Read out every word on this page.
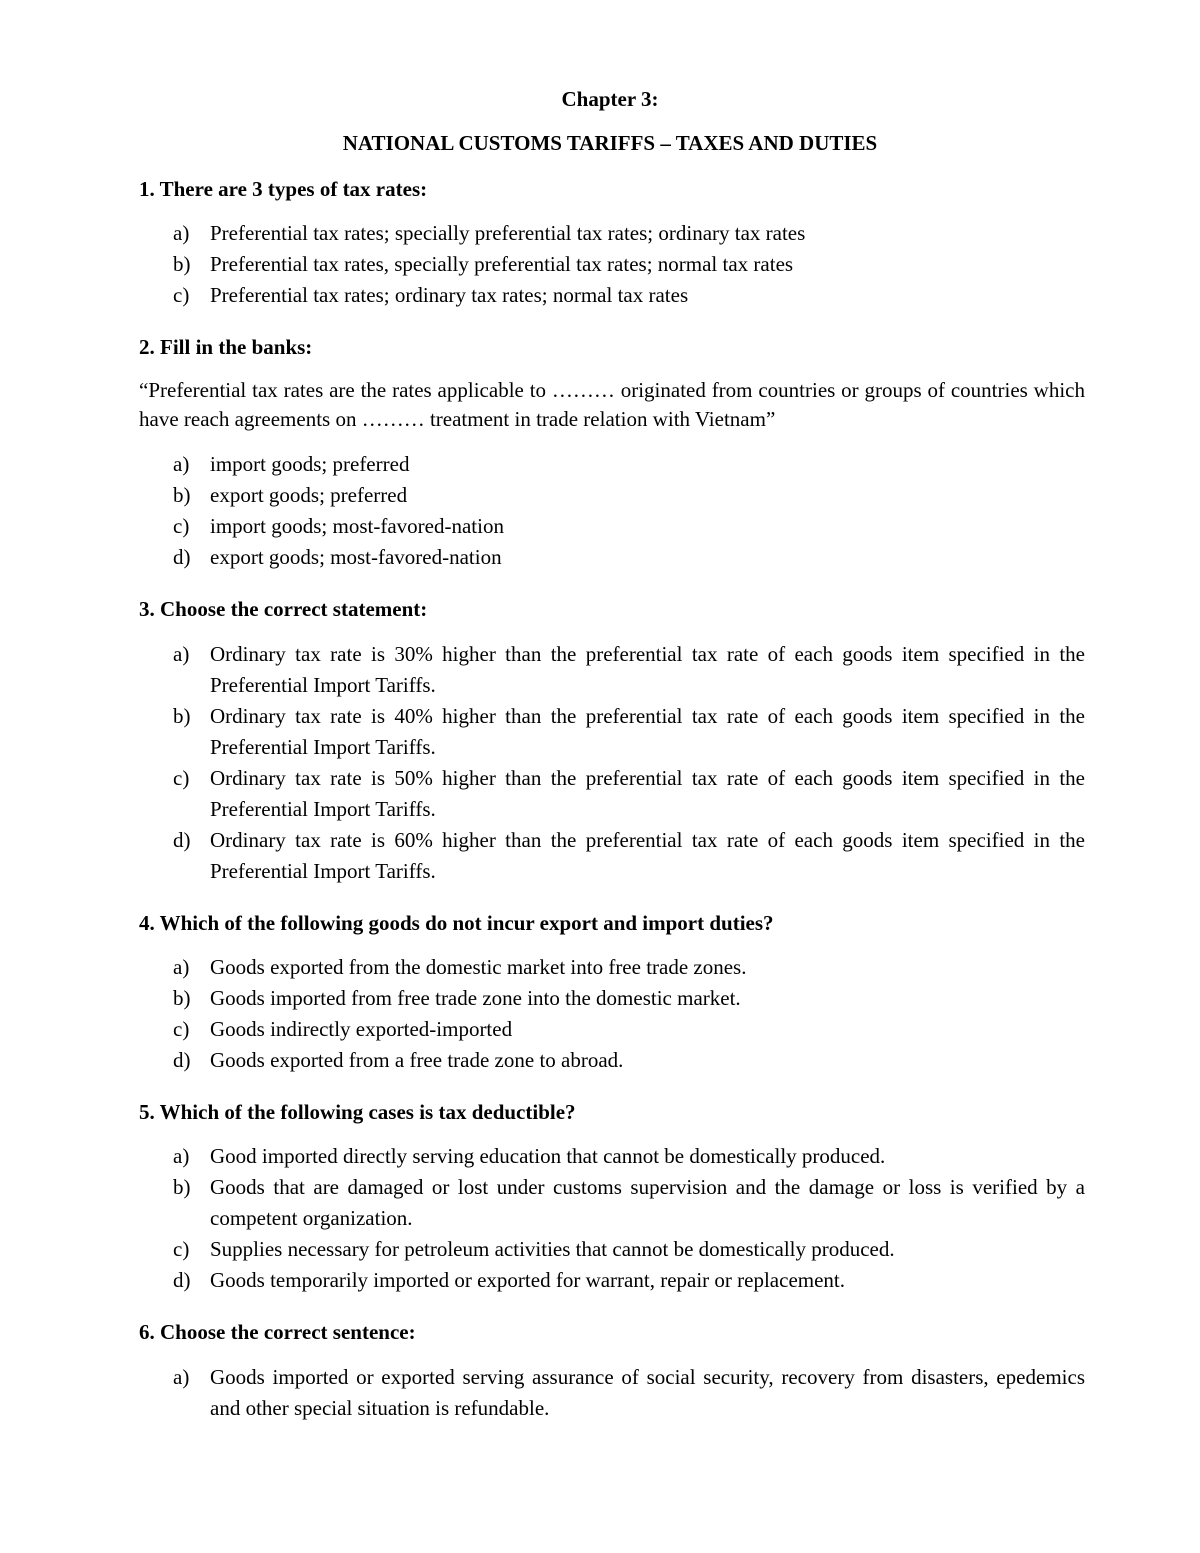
Chapter 3:
NATIONAL CUSTOMS TARIFFS – TAXES AND DUTIES

1. There are 3 types of tax rates:

a) Preferential tax rates; specially preferential tax rates; ordinary tax rates

b) Preferential tax rates, specially preferential tax rates; normal tax rates

c) Preferential tax rates; ordinary tax rates; normal tax rates

2. Fill in the banks:

“Preferential tax rates are the rates applicable to ……… originated from countries or groups of countries which have reach agreements on ……… treatment in trade relation with Vietnam”

a) import goods; preferred

b) export goods; preferred

c) import goods; most-favored-nation

d) export goods; most-favored-nation

3. Choose the correct statement:

a) Ordinary tax rate is 30% higher than the preferential tax rate of each goods item specified in the Preferential Import Tariffs.

b) Ordinary tax rate is 40% higher than the preferential tax rate of each goods item specified in the Preferential Import Tariffs.

c) Ordinary tax rate is 50% higher than the preferential tax rate of each goods item specified in the Preferential Import Tariffs.

d) Ordinary tax rate is 60% higher than the preferential tax rate of each goods item specified in the Preferential Import Tariffs.

4. Which of the following goods do not incur export and import duties?

a) Goods exported from the domestic market into free trade zones.

b) Goods imported from free trade zone into the domestic market.

c) Goods indirectly exported-imported

d) Goods exported from a free trade zone to abroad.

5. Which of the following cases is tax deductible?

a) Good imported directly serving education that cannot be domestically produced.

b) Goods that are damaged or lost under customs supervision and the damage or loss is verified by a competent organization.

c) Supplies necessary for petroleum activities that cannot be domestically produced.

d) Goods temporarily imported or exported for warrant, repair or replacement.

6. Choose the correct sentence:

a) Goods imported or exported serving assurance of social security, recovery from disasters, epedemics and other special situation is refundable.
